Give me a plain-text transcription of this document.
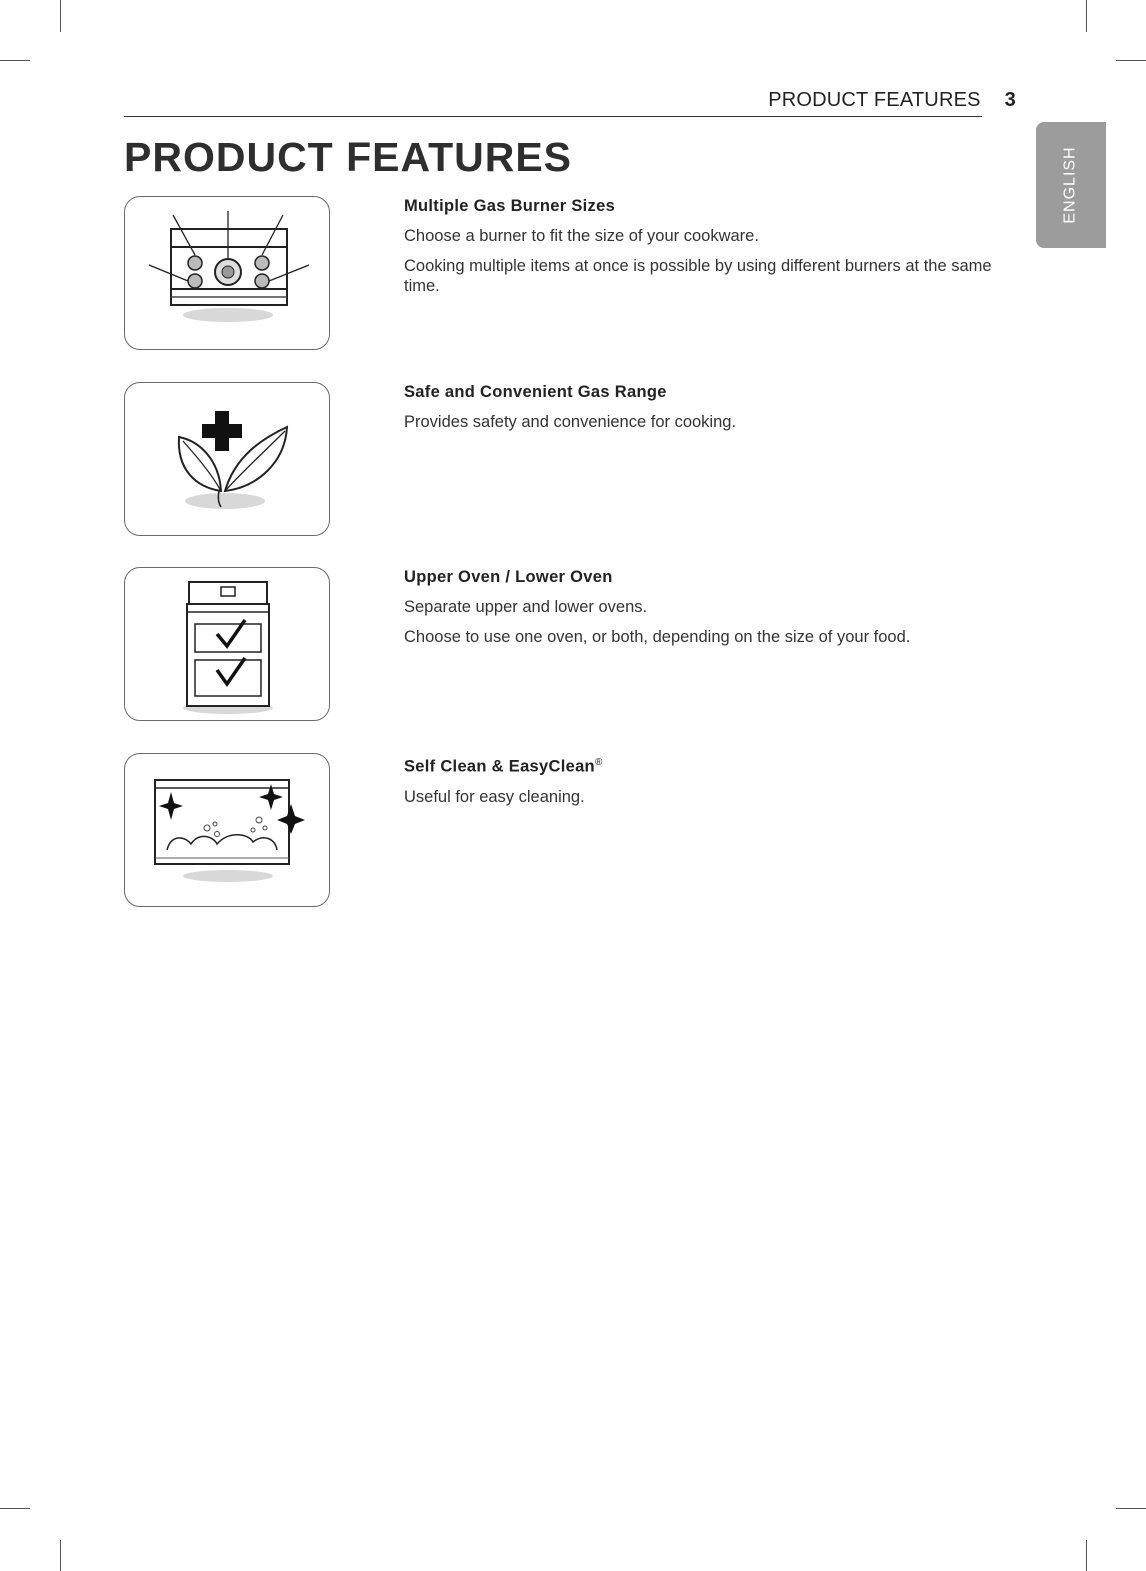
PRODUCT FEATURES 3
PRODUCT FEATURES	ENGLISH
Multiple Gas Burner Sizes

Choose a burner to fit the size of your cookware.

Cooking multiple items at once is possible by using different burners at the same time.

Safe and Convenient Gas Range

Provides safety and convenience for cooking.

Upper Oven / Lower Oven

Separate upper and lower ovens.

Choose to use one oven, or both, depending on the size of your food.

Self Clean & EasyClean®

Useful for easy cleaning.
